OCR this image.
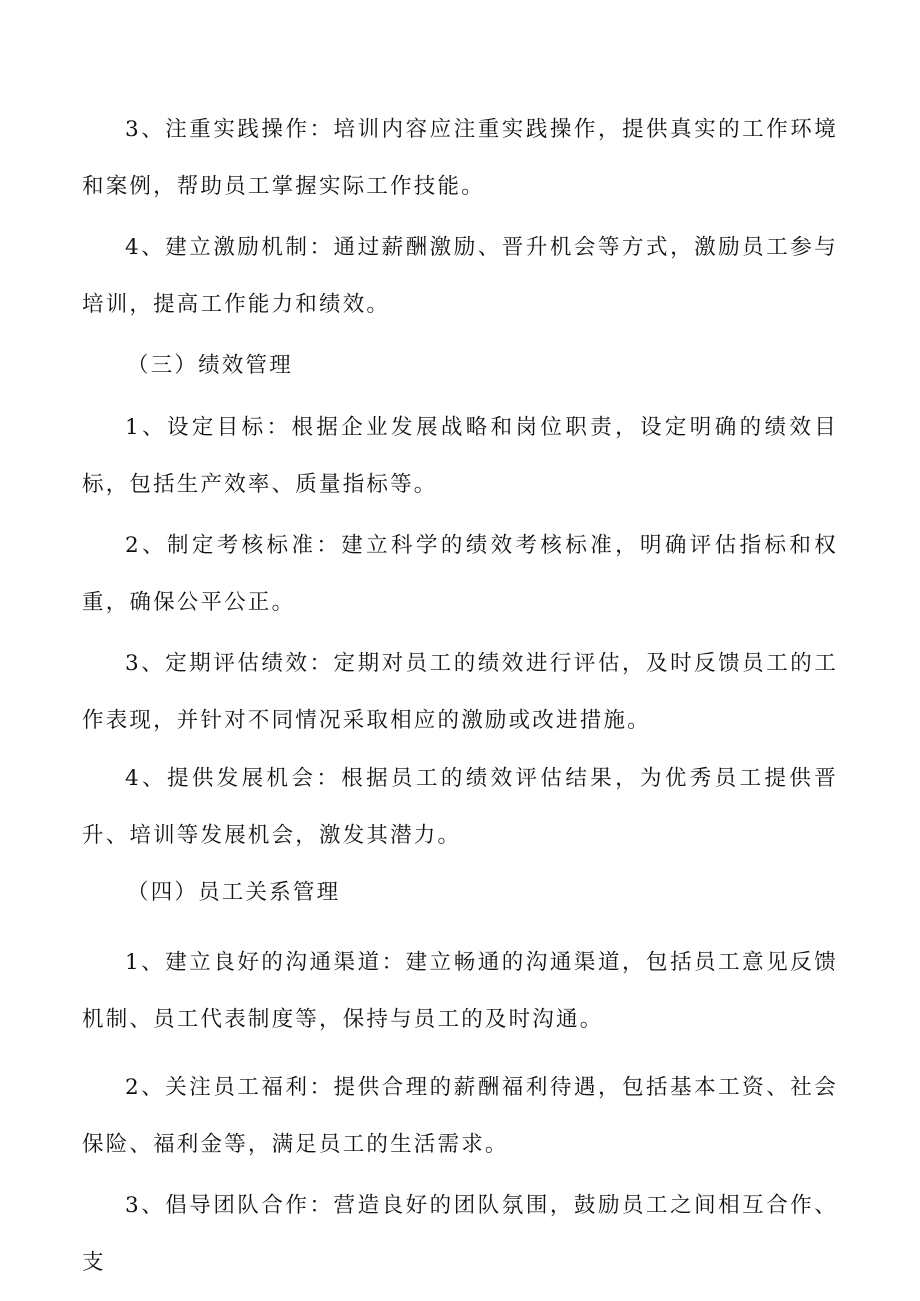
3、注重实践操作：培训内容应注重实践操作，提供真实的工作环境和案例，帮助员工掌握实际工作技能。

4、建立激励机制：通过薪酬激励、晋升机会等方式，激励员工参与培训，提高工作能力和绩效。

（三）绩效管理

1、设定目标：根据企业发展战略和岗位职责，设定明确的绩效目标，包括生产效率、质量指标等。

2、制定考核标准：建立科学的绩效考核标准，明确评估指标和权重，确保公平公正。

3、定期评估绩效：定期对员工的绩效进行评估，及时反馈员工的工作表现，并针对不同情况采取相应的激励或改进措施。

4、提供发展机会：根据员工的绩效评估结果，为优秀员工提供晋升、培训等发展机会，激发其潜力。

（四）员工关系管理

1、建立良好的沟通渠道：建立畅通的沟通渠道，包括员工意见反馈机制、员工代表制度等，保持与员工的及时沟通。

2、关注员工福利：提供合理的薪酬福利待遇，包括基本工资、社会保险、福利金等，满足员工的生活需求。

3、倡导团队合作：营造良好的团队氛围，鼓励员工之间相互合作、支
